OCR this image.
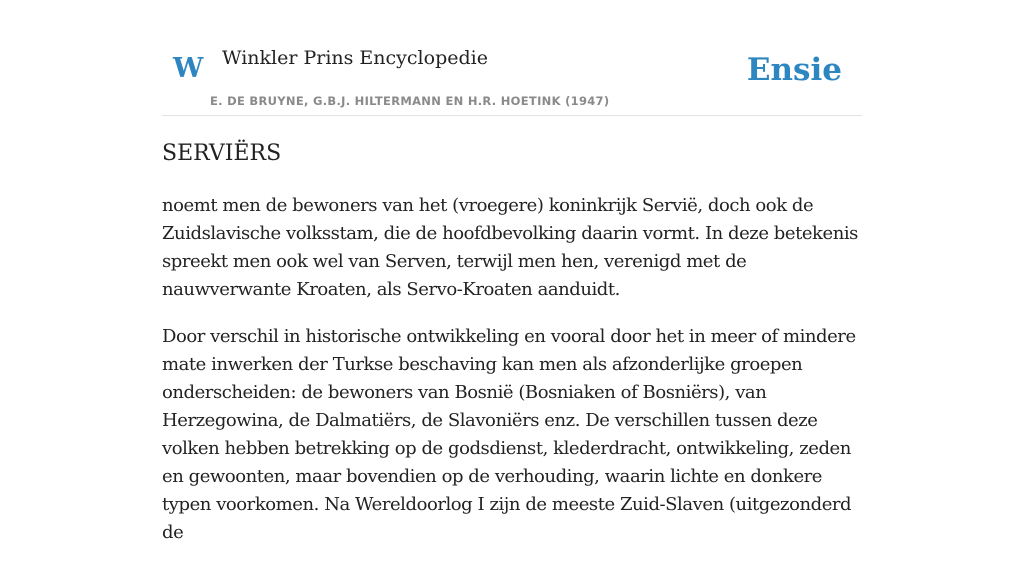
W Winkler Prins Encyclopedie
E. DE BRUYNE, G.B.J. HILTERMANN EN H.R. HOETINK (1947)
Ensie
SERVIËRS

noemt men de bewoners van het (vroegere) koninkrijk Servië, doch ook de Zuidslavische volksstam, die de hoofdbevolking daarin vormt. In deze betekenis spreekt men ook wel van Serven, terwijl men hen, verenigd met de nauwverwante Kroaten, als Servo-Kroaten aanduidt.

Door verschil in historische ontwikkeling en vooral door het in meer of mindere mate inwerken der Turkse beschaving kan men als afzonderlijke groepen onderscheiden: de bewoners van Bosnië (Bosniaken of Bosniërs), van Herzegowina, de Dalmatiërs, de Slavoniërs enz. De verschillen tussen deze volken hebben betrekking op de godsdienst, klederdracht, ontwikkeling, zeden en gewoonten, maar bovendien op de verhouding, waarin lichte en donkere typen voorkomen. Na Wereldoorlog I zijn de meeste Zuid-Slaven (uitgezonderd de
